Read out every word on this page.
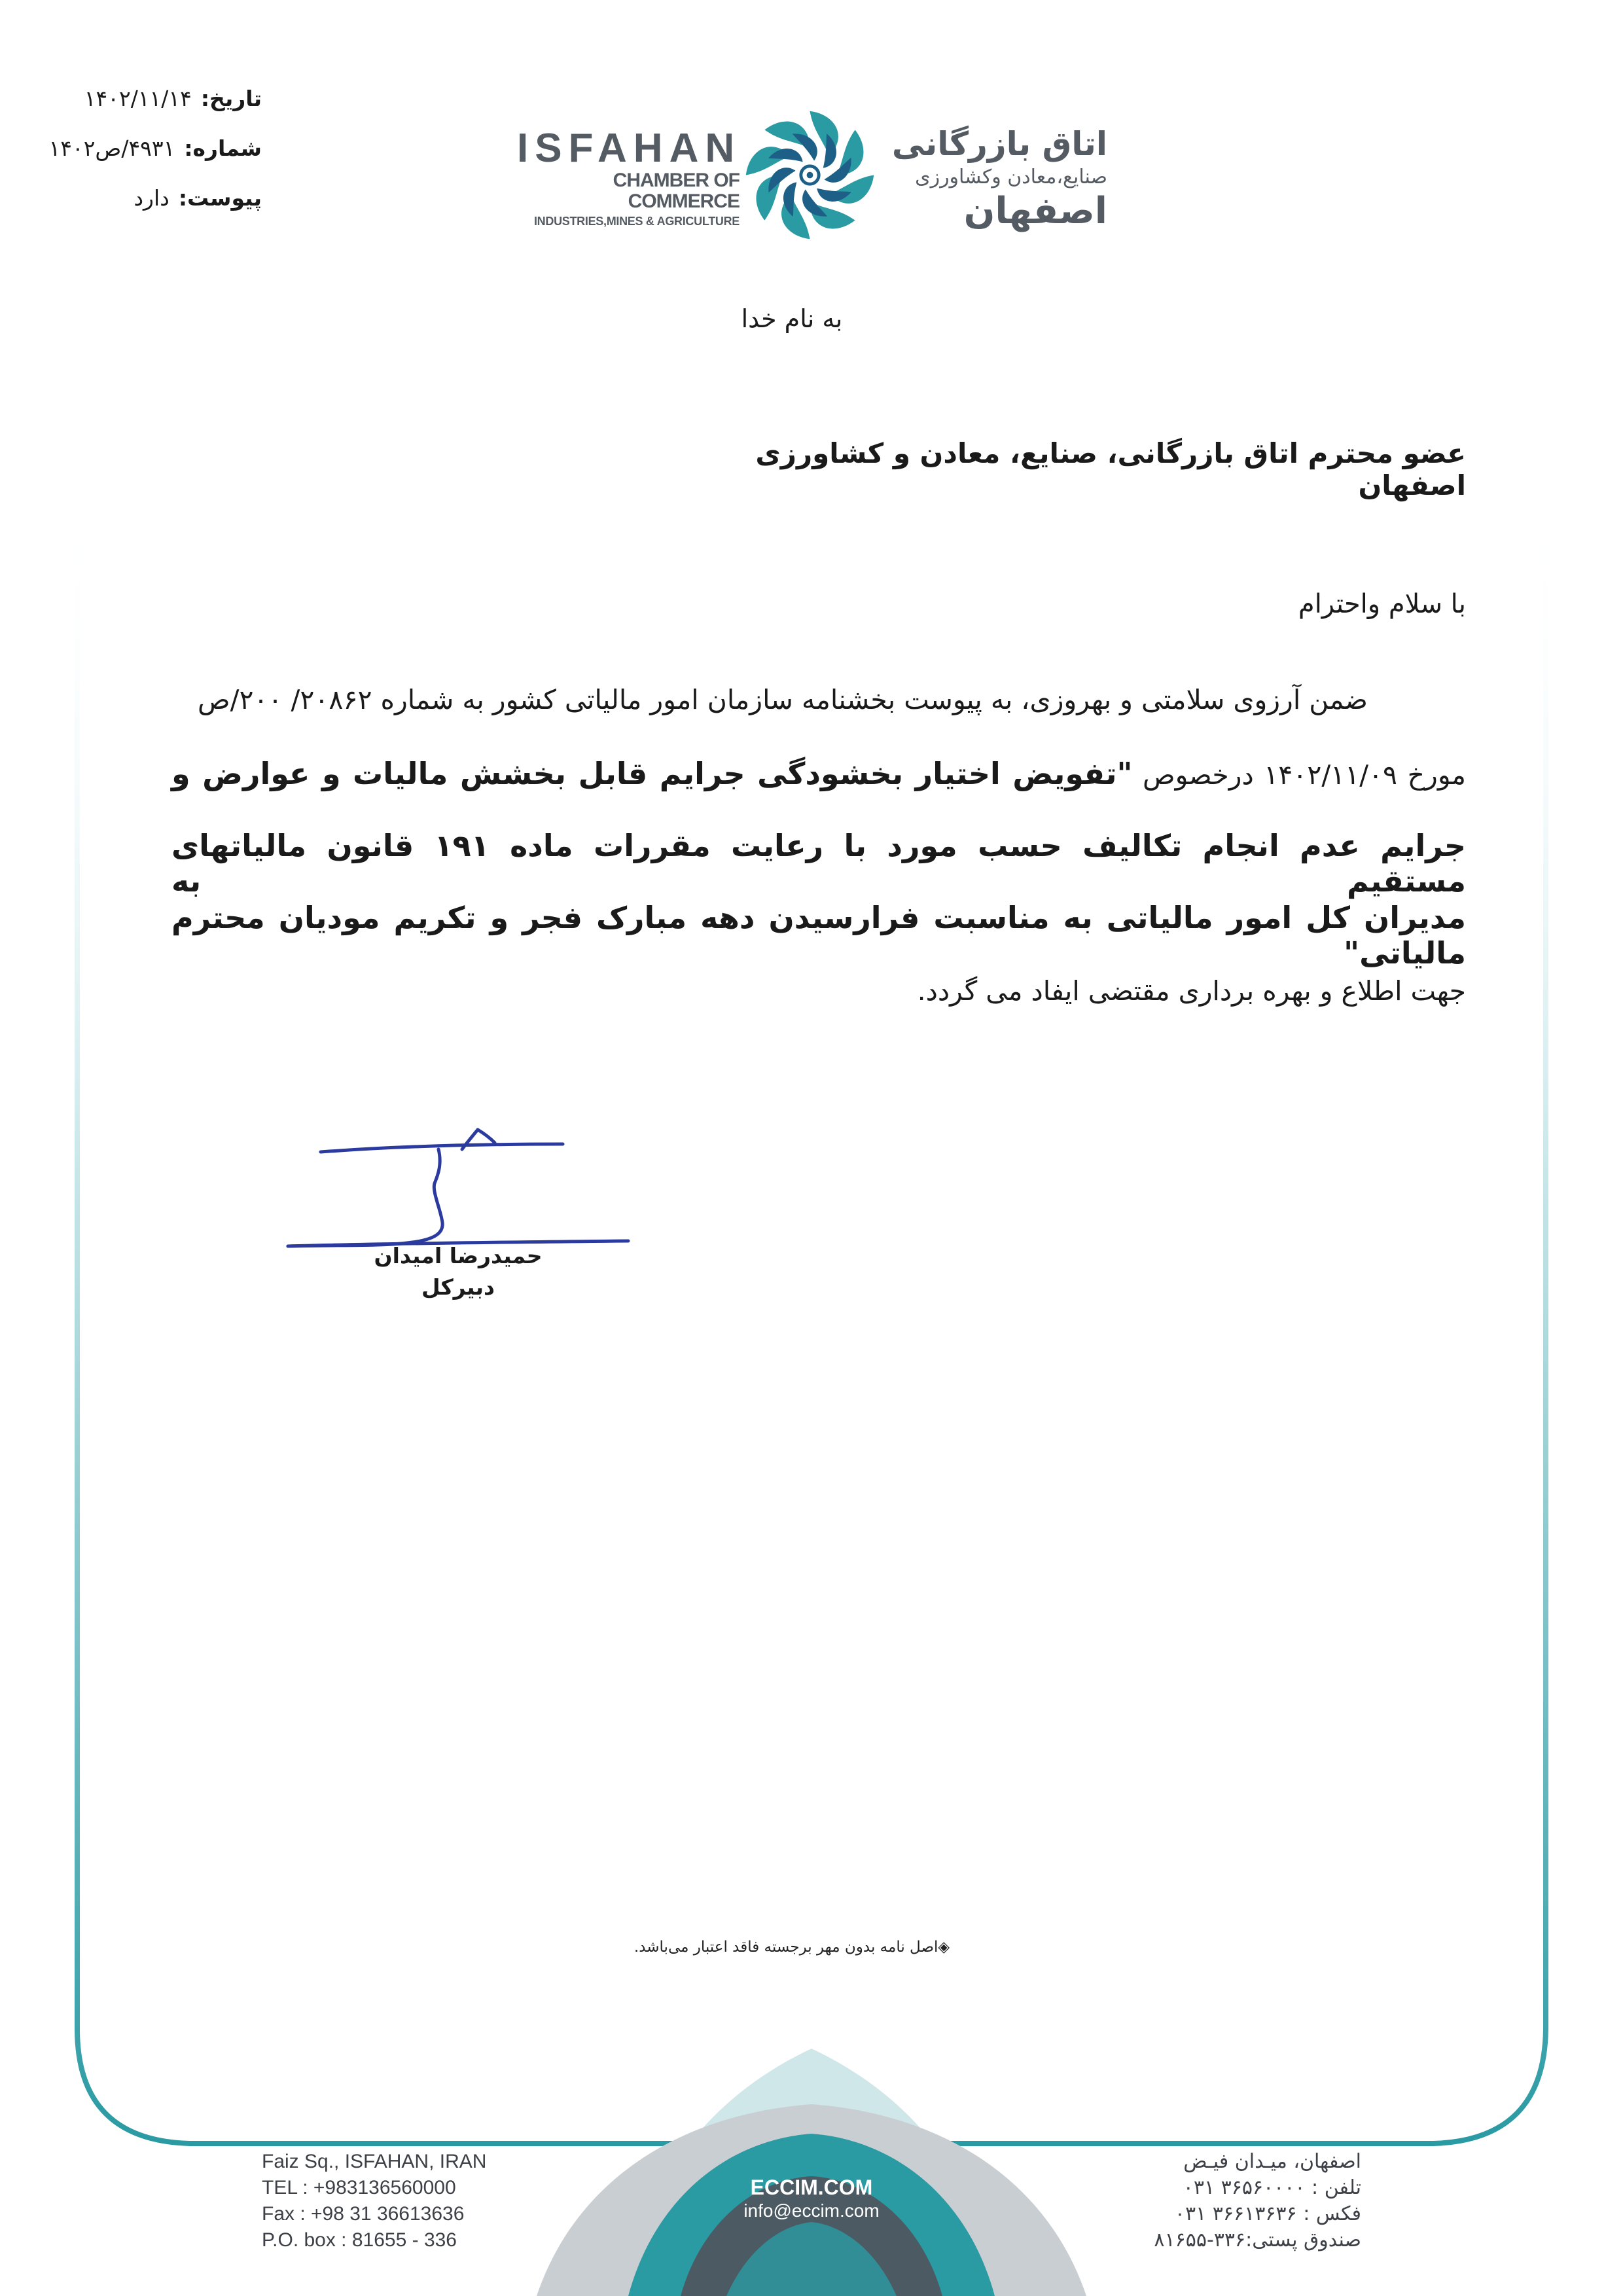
تاریخ:
۱۴۰۲/۱۱/۱۴
شماره:
۴۹۳۱/ص۱۴۰۲
پیوست:
دارد
ISFAHAN
CHAMBER OF COMMERCE
INDUSTRIES,MINES & AGRICULTURE
اتاق بازرگانی
صنایع،معادن وکشاورزی
اصفهان
به نام خدا
عضو محترم اتاق بازرگانی، صنایع، معادن و کشاورزی اصفهان
با سلام واحترام
ضمن آرزوی سلامتی و بهروزی، به پیوست بخشنامه سازمان امور مالیاتی کشور به شماره ۲۰۸۶۲/ ۲۰۰/ص
مورخ ۱۴۰۲/۱۱/۰۹ درخصوص "تفویض اختیار بخشودگی جرایم قابل بخشش مالیات و عوارض و
جرایم عدم انجام تکالیف حسب مورد با رعایت مقررات ماده ۱۹۱ قانون مالیاتهای مستقیم به
مدیران کل امور مالیاتی به مناسبت فرارسیدن دهه مبارک فجر و تکریم مودیان محترم مالیاتی"
جهت اطلاع و بهره برداری مقتضی ایفاد می گردد.
حمیدرضا امیدان
دبیرکل
◈اصل نامه بدون مهر برجسته فاقد اعتبار می‌باشد.
Faiz Sq., ISFAHAN, IRAN
TEL : +983136560000
Fax : +98 31 36613636
P.O. box : 81655 - 336
ECCIM.COM
info@eccim.com
اصفهان، میـدان فیـض
تلفن : ۳۶۵۶۰۰۰۰ ۰۳۱
فکس : ۳۶۶۱۳۶۳۶ ۰۳۱
صندوق پستی:۳۳۶-۸۱۶۵۵
